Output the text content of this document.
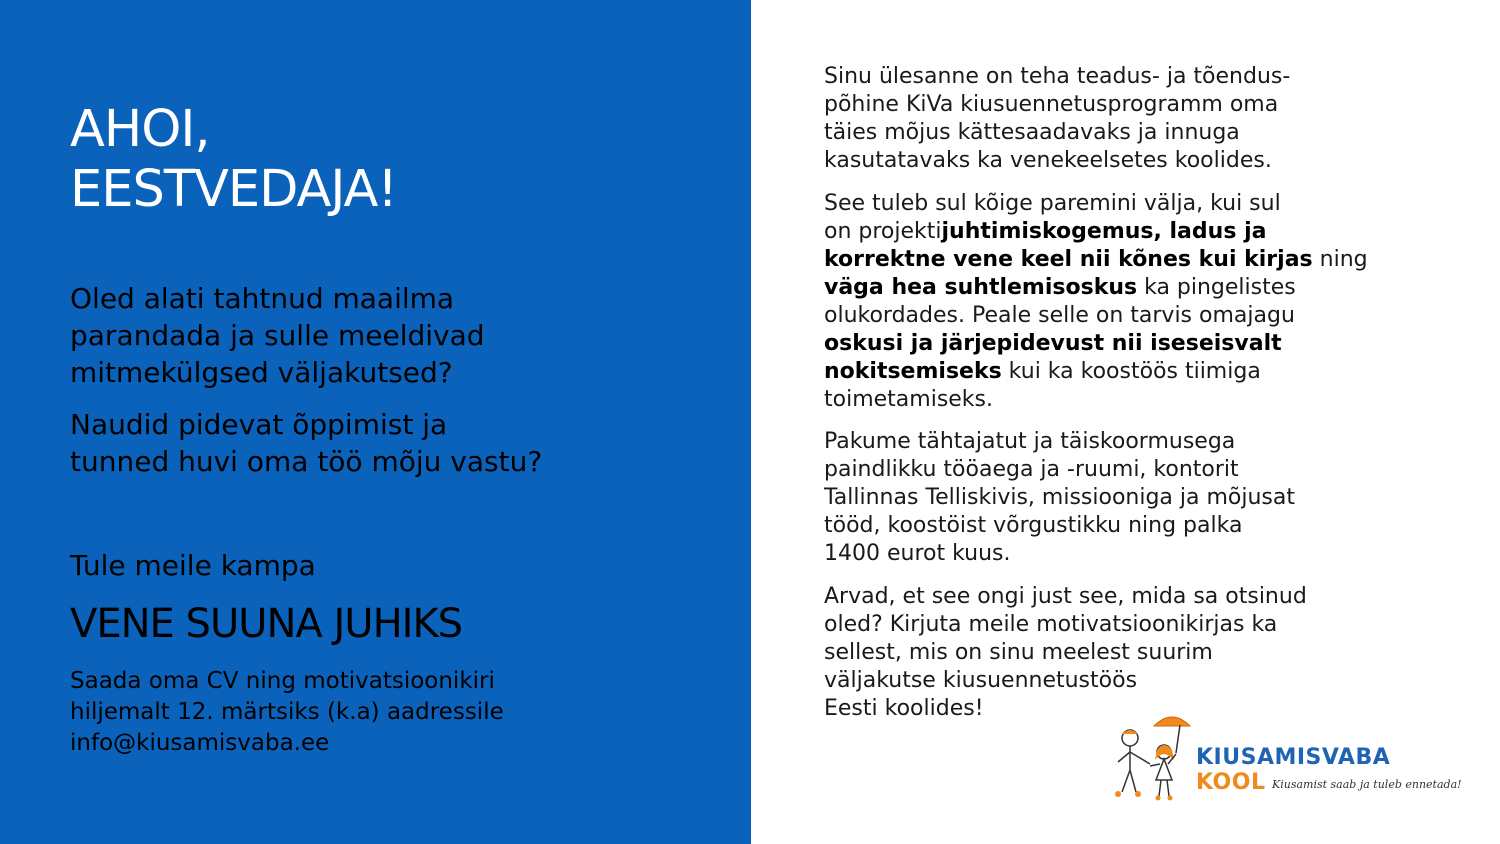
AHOI,
EESTVEDAJA!

Oled alati tahtnud maailma
parandada ja sulle meeldivad
mitmekülgsed väljakutsed?

Naudid pidevat õppimist ja
tunned huvi oma töö mõju vastu?

Tule meile kampa

VENE SUUNA JUHIKS

Saada oma CV ning motivatsioonikiri
hiljemalt 12. märtsiks (k.a) aadressile
info@kiusamisvaba.ee

Sinu ülesanne on teha teadus- ja tõendus-
põhine KiVa kiusuennetusprogramm oma
täies mõjus kättesaadavaks ja innuga
kasutatavaks ka venekeelsetes koolides.

See tuleb sul kõige paremini välja, kui sul
on projektijuhtimiskogemus, ladus ja
korrektne vene keel nii kõnes kui kirjas ning
väga hea suhtlemisoskus ka pingelistes
olukordades. Peale selle on tarvis omajagu
oskusi ja järjepidevust nii iseseisvalt
nokitsemiseks kui ka koostöös tiimiga
toimetamiseks.

Pakume tähtajatut ja täiskoormusega
paindlikku tööaega ja -ruumi, kontorit
Tallinnas Telliskivis, missiooniga ja mõjusat
tööd, koostöist võrgustikku ning palka
1400 eurot kuus.

Arvad, et see ongi just see, mida sa otsinud
oled? Kirjuta meile motivatsioonikirjas ka
sellest, mis on sinu meelest suurim
väljakutse kiusuennetustöös
Eesti koolides!

KIUSAMISVABA
KOOL Kiusamist saab ja tuleb ennetada!
